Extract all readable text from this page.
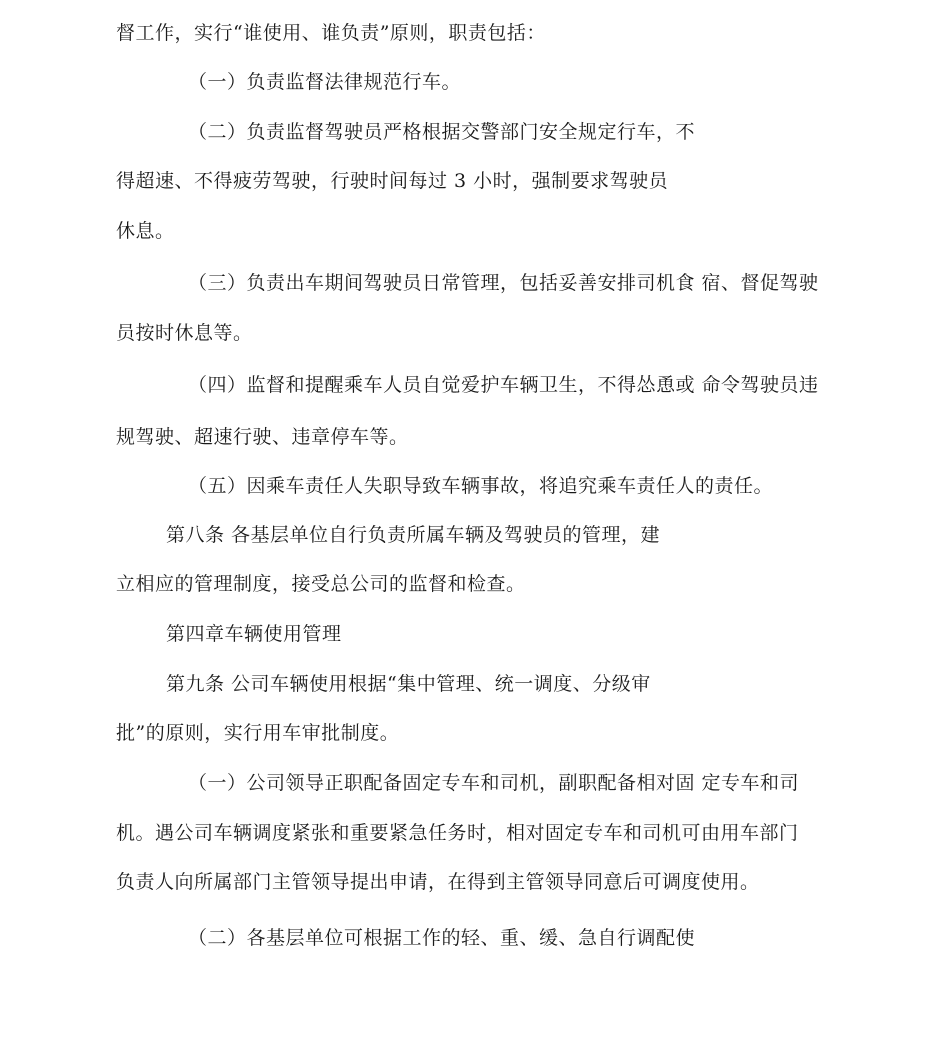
督工作，实行“谁使用、谁负责”原则，职责包括：
（一）负责监督法律规范行车。
（二）负责监督驾驶员严格根据交警部门安全规定行车，不
得超速、不得疲劳驾驶，行驶时间每过 3 小时，强制要求驾驶员
休息。
（三）负责出车期间驾驶员日常管理，包括妥善安排司机食 宿、督促驾驶
员按时休息等。
（四）监督和提醒乘车人员自觉爱护车辆卫生，不得怂恿或 命令驾驶员违
规驾驶、超速行驶、违章停车等。
（五）因乘车责任人失职导致车辆事故，将追究乘车责任人的责任。
第八条 各基层单位自行负责所属车辆及驾驶员的管理，建
立相应的管理制度，接受总公司的监督和检查。
第四章车辆使用管理
第九条 公司车辆使用根据“集中管理、统一调度、分级审
批”的原则，实行用车审批制度。
（一）公司领导正职配备固定专车和司机，副职配备相对固 定专车和司
机。遇公司车辆调度紧张和重要紧急任务时，相对固定专车和司机可由用车部门
负责人向所属部门主管领导提出申请，在得到主管领导同意后可调度使用。
（二）各基层单位可根据工作的轻、重、缓、急自行调配使
